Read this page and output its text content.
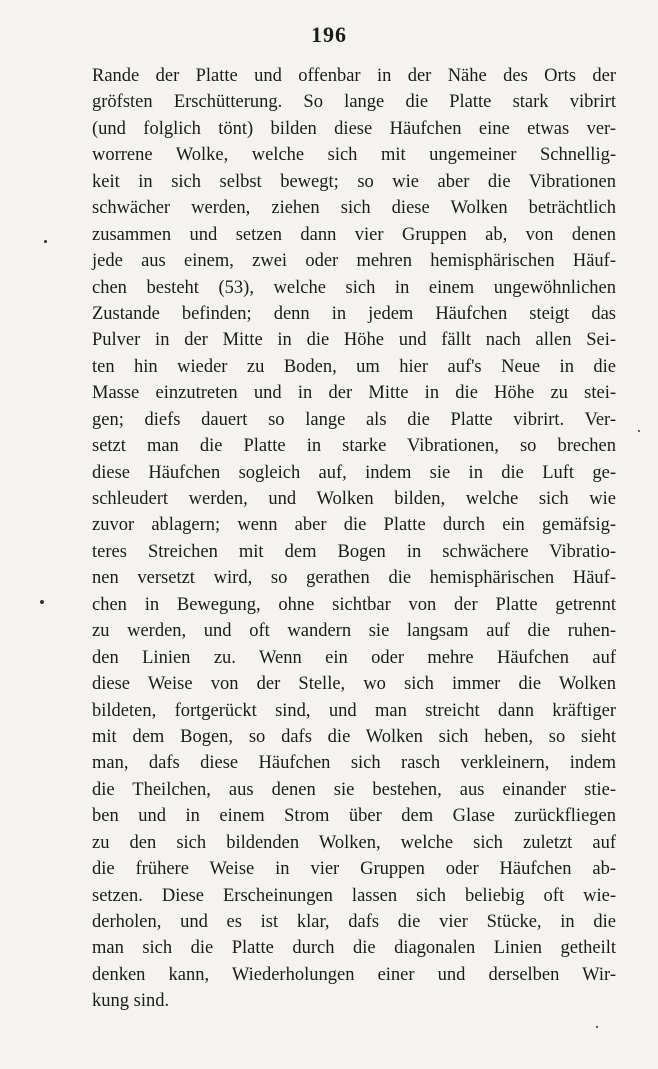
196
Rande der Platte und offenbar in der Nähe des Orts der
gröfsten Erschütterung. So lange die Platte stark vibrirt
(und folglich tönt) bilden diese Häufchen eine etwas ver-
worrene Wolke, welche sich mit ungemeiner Schnellig-
keit in sich selbst bewegt; so wie aber die Vibrationen
schwächer werden, ziehen sich diese Wolken beträchtlich
zusammen und setzen dann vier Gruppen ab, von denen
jede aus einem, zwei oder mehren hemisphärischen Häuf-
chen besteht (53), welche sich in einem ungewöhnlichen
Zustande befinden; denn in jedem Häufchen steigt das
Pulver in der Mitte in die Höhe und fällt nach allen Sei-
ten hin wieder zu Boden, um hier auf's Neue in die
Masse einzutreten und in der Mitte in die Höhe zu stei-
gen; diefs dauert so lange als die Platte vibrirt. Ver-
setzt man die Platte in starke Vibrationen, so brechen
diese Häufchen sogleich auf, indem sie in die Luft ge-
schleudert werden, und Wolken bilden, welche sich wie
zuvor ablagern; wenn aber die Platte durch ein gemäfsig-
teres Streichen mit dem Bogen in schwächere Vibratio-
nen versetzt wird, so gerathen die hemisphärischen Häuf-
chen in Bewegung, ohne sichtbar von der Platte getrennt
zu werden, und oft wandern sie langsam auf die ruhen-
den Linien zu. Wenn ein oder mehre Häufchen auf
diese Weise von der Stelle, wo sich immer die Wolken
bildeten, fortgerückt sind, und man streicht dann kräftiger
mit dem Bogen, so dafs die Wolken sich heben, so sieht
man, dafs diese Häufchen sich rasch verkleinern, indem
die Theilchen, aus denen sie bestehen, aus einander stie-
ben und in einem Strom über dem Glase zurückfliegen
zu den sich bildenden Wolken, welche sich zuletzt auf
die frühere Weise in vier Gruppen oder Häufchen ab-
setzen. Diese Erscheinungen lassen sich beliebig oft wie-
derholen, und es ist klar, dafs die vier Stücke, in die
man sich die Platte durch die diagonalen Linien getheilt
denken kann, Wiederholungen einer und derselben Wir-
kung sind.
